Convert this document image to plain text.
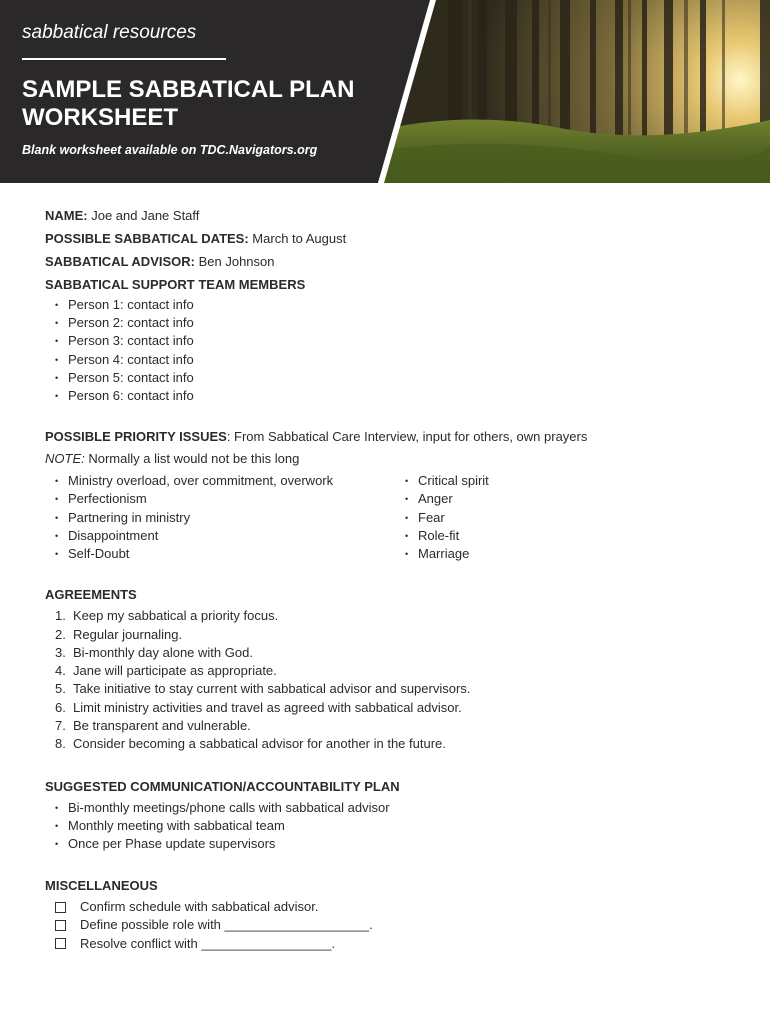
sabbatical resources

SAMPLE SABBATICAL PLAN WORKSHEET

Blank worksheet available on TDC.Navigators.org

NAME: Joe and Jane Staff

POSSIBLE SABBATICAL DATES: March to August

SABBATICAL ADVISOR: Ben Johnson

SABBATICAL SUPPORT TEAM MEMBERS

• Person 1: contact info
• Person 2: contact info
• Person 3: contact info
• Person 4: contact info
• Person 5: contact info
• Person 6: contact info

POSSIBLE PRIORITY ISSUES: From Sabbatical Care Interview, input for others, own prayers

NOTE: Normally a list would not be this long

• Ministry overload, over commitment, overwork
• Perfectionism
• Partnering in ministry
• Disappointment
• Self-Doubt
• Critical spirit
• Anger
• Fear
• Role-fit
• Marriage

AGREEMENTS

1. Keep my sabbatical a priority focus.
2. Regular journaling.
3. Bi-monthly day alone with God.
4. Jane will participate as appropriate.
5. Take initiative to stay current with sabbatical advisor and supervisors.
6. Limit ministry activities and travel as agreed with sabbatical advisor.
7. Be transparent and vulnerable.
8. Consider becoming a sabbatical advisor for another in the future.

SUGGESTED COMMUNICATION/ACCOUNTABILITY PLAN

• Bi-monthly meetings/phone calls with sabbatical advisor
• Monthly meeting with sabbatical team
• Once per Phase update supervisors

MISCELLANEOUS

Confirm schedule with sabbatical advisor.
Define possible role with ____________________.
Resolve conflict with __________________.
